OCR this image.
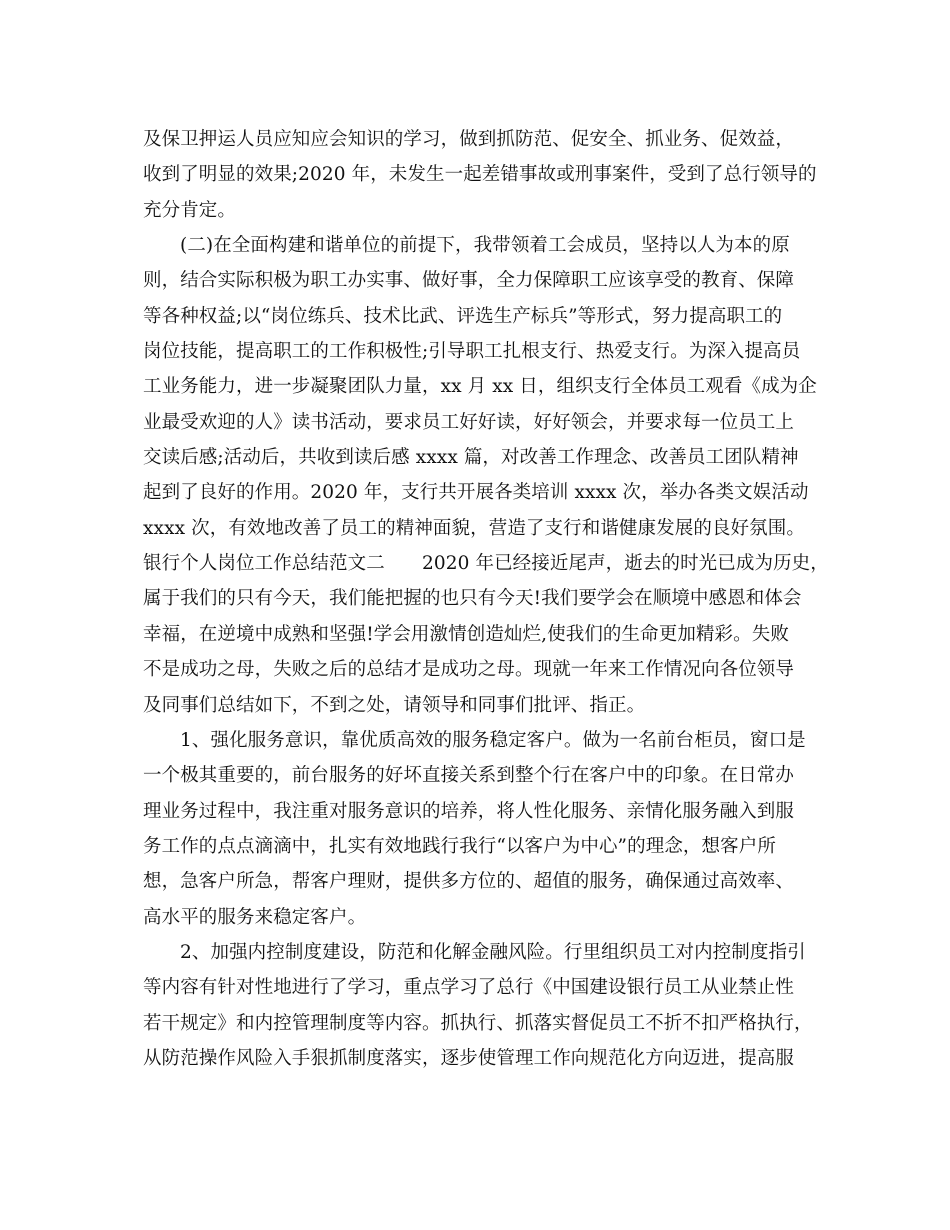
及保卫押运人员应知应会知识的学习，做到抓防范、促安全、抓业务、促效益，
收到了明显的效果;2020 年，未发生一起差错事故或刑事案件，受到了总行领导的
充分肯定。
(二)在全面构建和谐单位的前提下，我带领着工会成员，坚持以人为本的原
则，结合实际积极为职工办实事、做好事，全力保障职工应该享受的教育、保障
等各种权益;以“岗位练兵、技术比武、评选生产标兵”等形式，努力提高职工的
岗位技能，提高职工的工作积极性;引导职工扎根支行、热爱支行。为深入提高员
工业务能力，进一步凝聚团队力量，xx 月 xx 日，组织支行全体员工观看《成为企
业最受欢迎的人》读书活动，要求员工好好读，好好领会，并要求每一位员工上
交读后感;活动后，共收到读后感 xxxx 篇，对改善工作理念、改善员工团队精神
起到了良好的作用。2020 年，支行共开展各类培训 xxxx 次，举办各类文娱活动
xxxx 次，有效地改善了员工的精神面貌，营造了支行和谐健康发展的良好氛围。
银行个人岗位工作总结范文二　　2020 年已经接近尾声，逝去的时光已成为历史，
属于我们的只有今天，我们能把握的也只有今天!我们要学会在顺境中感恩和体会
幸福，在逆境中成熟和坚强!学会用激情创造灿烂,使我们的生命更加精彩。失败
不是成功之母，失败之后的总结才是成功之母。现就一年来工作情况向各位领导
及同事们总结如下，不到之处，请领导和同事们批评、指正。
1、强化服务意识，靠优质高效的服务稳定客户。做为一名前台柜员，窗口是
一个极其重要的，前台服务的好坏直接关系到整个行在客户中的印象。在日常办
理业务过程中，我注重对服务意识的培养，将人性化服务、亲情化服务融入到服
务工作的点点滴滴中，扎实有效地践行我行“以客户为中心”的理念，想客户所
想，急客户所急，帮客户理财，提供多方位的、超值的服务，确保通过高效率、
高水平的服务来稳定客户。
2、加强内控制度建设，防范和化解金融风险。行里组织员工对内控制度指引
等内容有针对性地进行了学习，重点学习了总行《中国建设银行员工从业禁止性
若干规定》和内控管理制度等内容。抓执行、抓落实督促员工不折不扣严格执行，
从防范操作风险入手狠抓制度落实，逐步使管理工作向规范化方向迈进，提高服
